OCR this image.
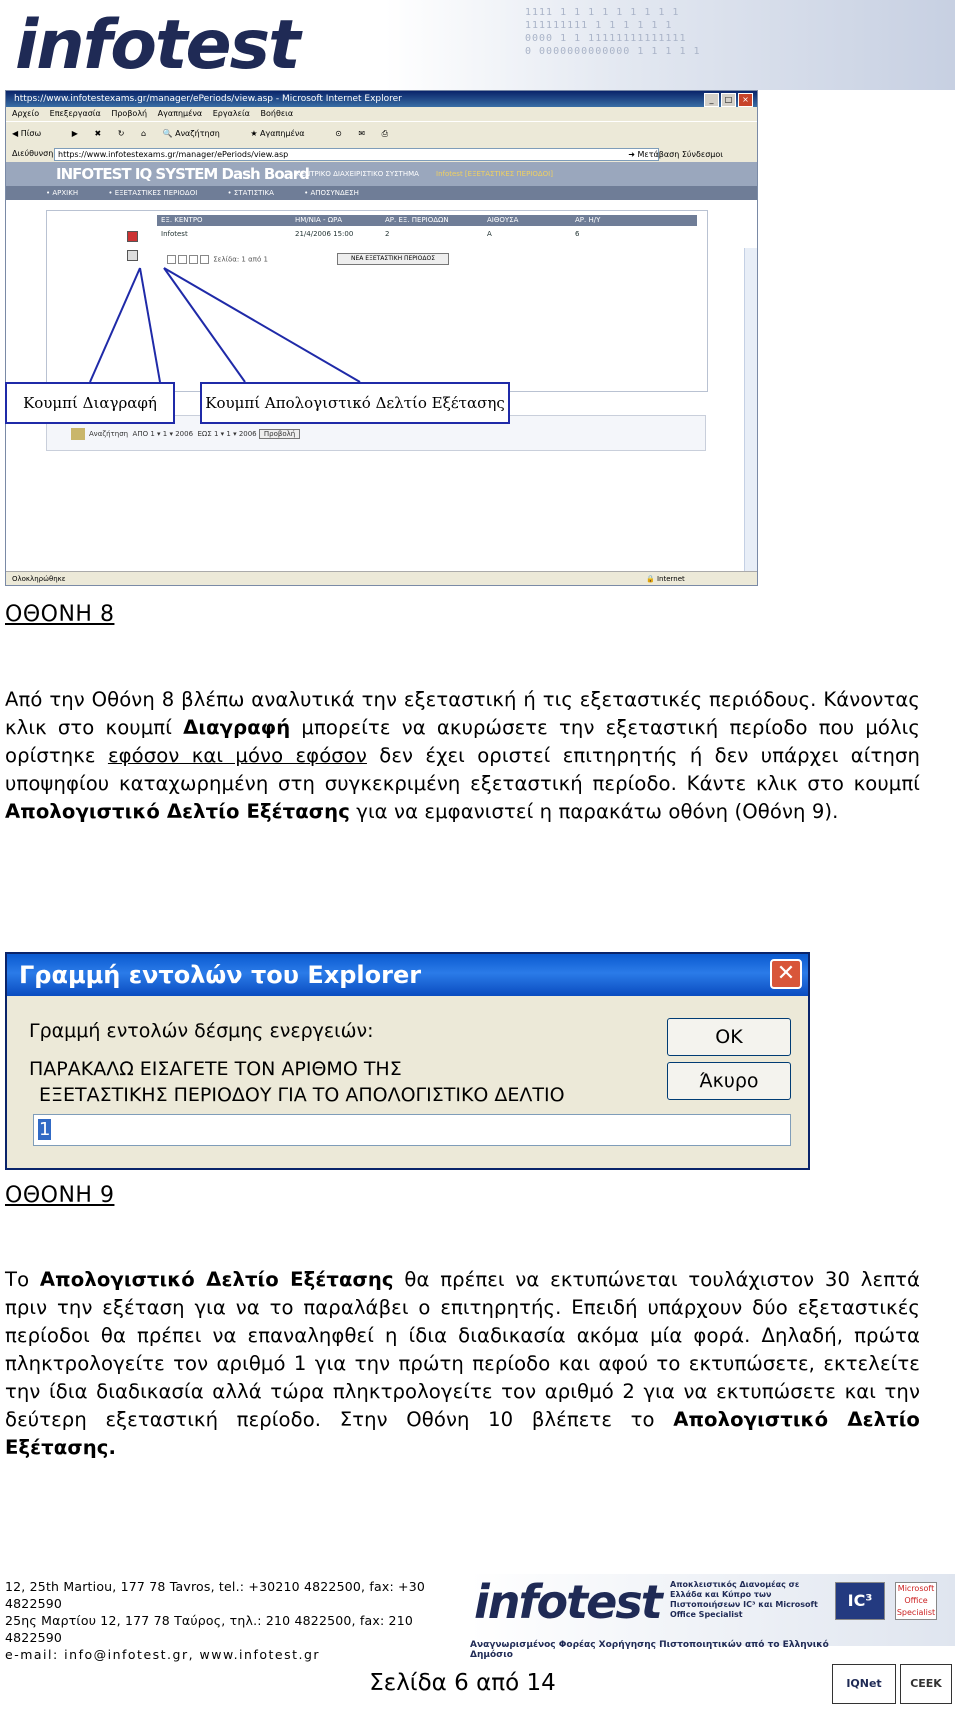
1111 1 1 1 1 1 1 1 1 1
111111111 1 1 1 1 1 1
0000 1 1 11111111111111
0 0000000000000 1 1 1 1 1
infotest
https://www.infotestexams.gr/manager/ePeriods/view.asp - Microsoft Internet Explorer	_ □ ×
Αρχείο Επεξεργασία Προβολή Αγαπημένα Εργαλεία Βοήθεια
◀ Πίσω	▶ ✖ ↻ ⌂ 🔍 Αναζήτηση	★ Αγαπημένα	⊙ ✉ ⎙
Διεύθυνση https://www.infotestexams.gr/manager/ePeriods/view.asp	➜ Μετάβαση Σύνδεσμοι
INFOTEST IQ SYSTEM Dash Board
ΚΕΝΤΡΙΚΟ ΔΙΑΧΕΙΡΙΣΤΙΚΟ ΣΥΣΤΗΜΑ Infotest [ΕΞΕΤΑΣΤΙΚΕΣ ΠΕΡΙΟΔΟΙ]
• ΑΡΧΙΚΗ	• ΕΞΕΤΑΣΤΙΚΕΣ ΠΕΡΙΟΔΟΙ	• ΣΤΑΤΙΣΤΙΚΑ	• ΑΠΟΣΥΝΔΕΣΗ
ΕΞ. ΚΕΝΤΡΟ	ΗΜ/ΝΙΑ - ΩΡΑ	ΑΡ. ΕΞ. ΠΕΡΙΟΔΩΝ	ΑΙΘΟΥΣΑ	ΑΡ. Η/Υ
Infotest	21/4/2006 15:00	2	Α	6
Σελίδα: 1 από 1	ΝΕΑ ΕΞΕΤΑΣΤΙΚΗ ΠΕΡΙΟΔΟΣ
Αναζήτηση ΑΠΟ 1 ▾ 1 ▾ 2006 ΕΩΣ 1 ▾ 1 ▾ 2006 Προβολή
Ολοκληρώθηκε	🔒 Internet
Κουμπί Διαγραφή	Κουμπί Απολογιστικό Δελτίο Εξέτασης
ΟΘΟΝΗ 8
Από την Οθόνη 8 βλέπω αναλυτικά την εξεταστική ή τις εξεταστικές περιόδους. Κάνοντας κλικ στο κουμπί Διαγραφή μπορείτε να ακυρώσετε την εξεταστική περίοδο που μόλις ορίστηκε εφόσον και μόνο εφόσον δεν έχει οριστεί επιτηρητής ή δεν υπάρχει αίτηση υποψηφίου καταχωρημένη στη συγκεκριμένη εξεταστική περίοδο. Κάντε κλικ στο κουμπί Απολογιστικό Δελτίο Εξέτασης για να εμφανιστεί η παρακάτω οθόνη (Οθόνη 9).
Γραμμή εντολών του Explorer	✕
Γραμμή εντολών δέσμης ενεργειών:
ΠΑΡΑΚΑΛΩ ΕΙΣΑΓΕΤΕ ΤΟΝ ΑΡΙΘΜΟ ΤΗΣ
ΕΞΕΤΑΣΤΙΚΗΣ ΠΕΡΙΟΔΟΥ ΓΙΑ ΤΟ ΑΠΟΛΟΓΙΣΤΙΚΟ ΔΕΛΤΙΟ
OK
Άκυρο
1
ΟΘΟΝΗ 9
Το Απολογιστικό Δελτίο Εξέτασης θα πρέπει να εκτυπώνεται τουλάχιστον 30 λεπτά πριν την εξέταση για να το παραλάβει ο επιτηρητής. Επειδή υπάρχουν δύο εξεταστικές περίοδοι θα πρέπει να επαναληφθεί η ίδια διαδικασία ακόμα μία φορά. Δηλαδή, πρώτα πληκτρολογείτε τον αριθμό 1 για την πρώτη περίοδο και αφού το εκτυπώσετε, εκτελείτε την ίδια διαδικασία αλλά τώρα πληκτρολογείτε τον αριθμό 2 για να εκτυπώσετε και την δεύτερη εξεταστική περίοδο. Στην Οθόνη 10 βλέπετε το Απολογιστικό Δελτίο Εξέτασης.
12, 25th Martiou, 177 78 Tavros, tel.: +30210 4822500, fax: +30 4822590
25ης Μαρτίου 12, 177 78 Ταύρος, τηλ.: 210 4822500, fax: 210 4822590
e-mail: info@infotest.gr, www.infotest.gr
infotest Αποκλειστικός Διανομέας σε Ελλάδα και Κύπρο των Πιστοποιήσεων IC³ και Microsoft Office Specialist
IC³
Microsoft Office Specialist
Αναγνωρισμένος Φορέας Χορήγησης Πιστοποιητικών από το Ελληνικό Δημόσιο
Σελίδα 6 από 14	IQNet	CEEK
